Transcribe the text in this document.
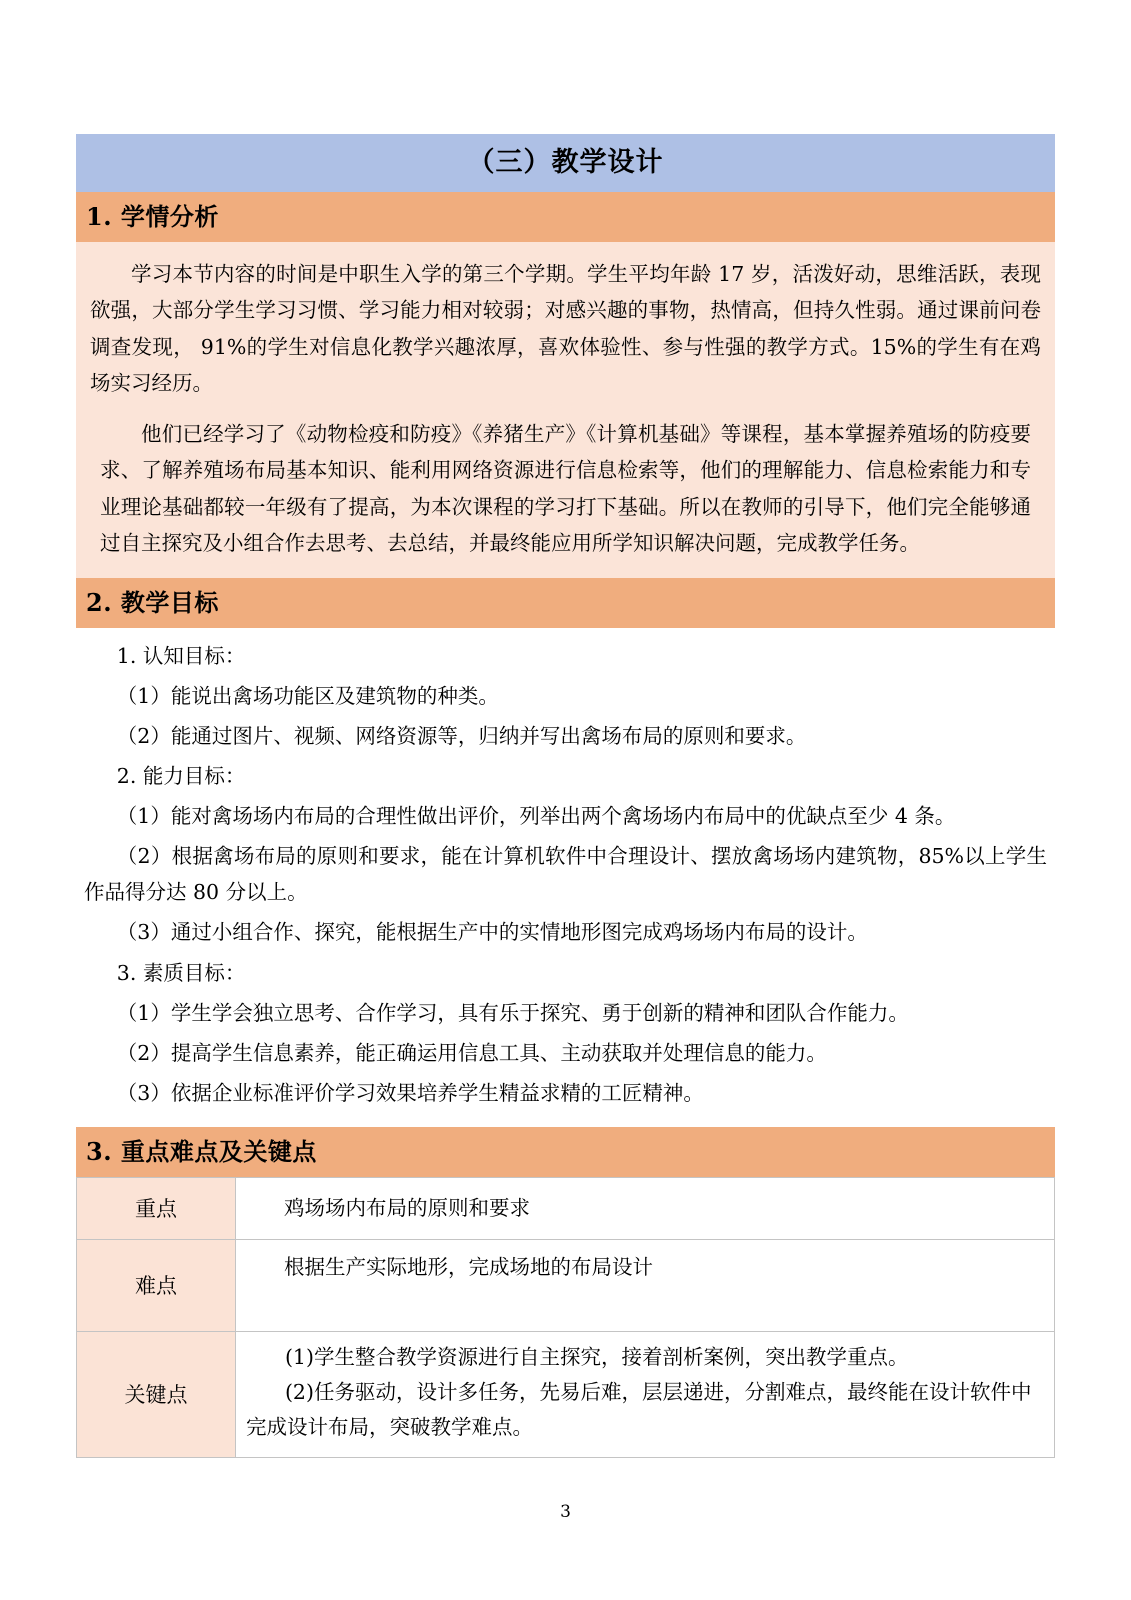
（三）教学设计
1. 学情分析

学习本节内容的时间是中职生入学的第三个学期。学生平均年龄 17 岁，活泼好动，思维活跃，表现欲强，大部分学生学习习惯、学习能力相对较弱；对感兴趣的事物，热情高，但持久性弱。通过课前问卷调查发现， 91%的学生对信息化教学兴趣浓厚，喜欢体验性、参与性强的教学方式。15%的学生有在鸡场实习经历。

他们已经学习了《动物检疫和防疫》《养猪生产》《计算机基础》等课程，基本掌握养殖场的防疫要求、了解养殖场布局基本知识、能利用网络资源进行信息检索等，他们的理解能力、信息检索能力和专业理论基础都较一年级有了提高，为本次课程的学习打下基础。所以在教师的引导下，他们完全能够通过自主探究及小组合作去思考、去总结，并最终能应用所学知识解决问题，完成教学任务。

2. 教学目标

1. 认知目标：

（1）能说出禽场功能区及建筑物的种类。

（2）能通过图片、视频、网络资源等，归纳并写出禽场布局的原则和要求。

2. 能力目标：

（1）能对禽场场内布局的合理性做出评价，列举出两个禽场场内布局中的优缺点至少 4 条。

（2）根据禽场布局的原则和要求，能在计算机软件中合理设计、摆放禽场场内建筑物，85%以上学生作品得分达 80 分以上。

（3）通过小组合作、探究，能根据生产中的实情地形图完成鸡场场内布局的设计。

3. 素质目标：

（1）学生学会独立思考、合作学习，具有乐于探究、勇于创新的精神和团队合作能力。

（2）提高学生信息素养，能正确运用信息工具、主动获取并处理信息的能力。

（3）依据企业标准评价学习效果培养学生精益求精的工匠精神。

3. 重点难点及关键点
重点	鸡场场内布局的原则和要求

难点	根据生产实际地形，完成场地的布局设计

关键点	(1)学生整合教学资源进行自主探究，接着剖析案例，突出教学重点。

(2)任务驱动，设计多任务，先易后难，层层递进，分割难点，最终能在设计软件中完成设计布局，突破教学难点。

3
